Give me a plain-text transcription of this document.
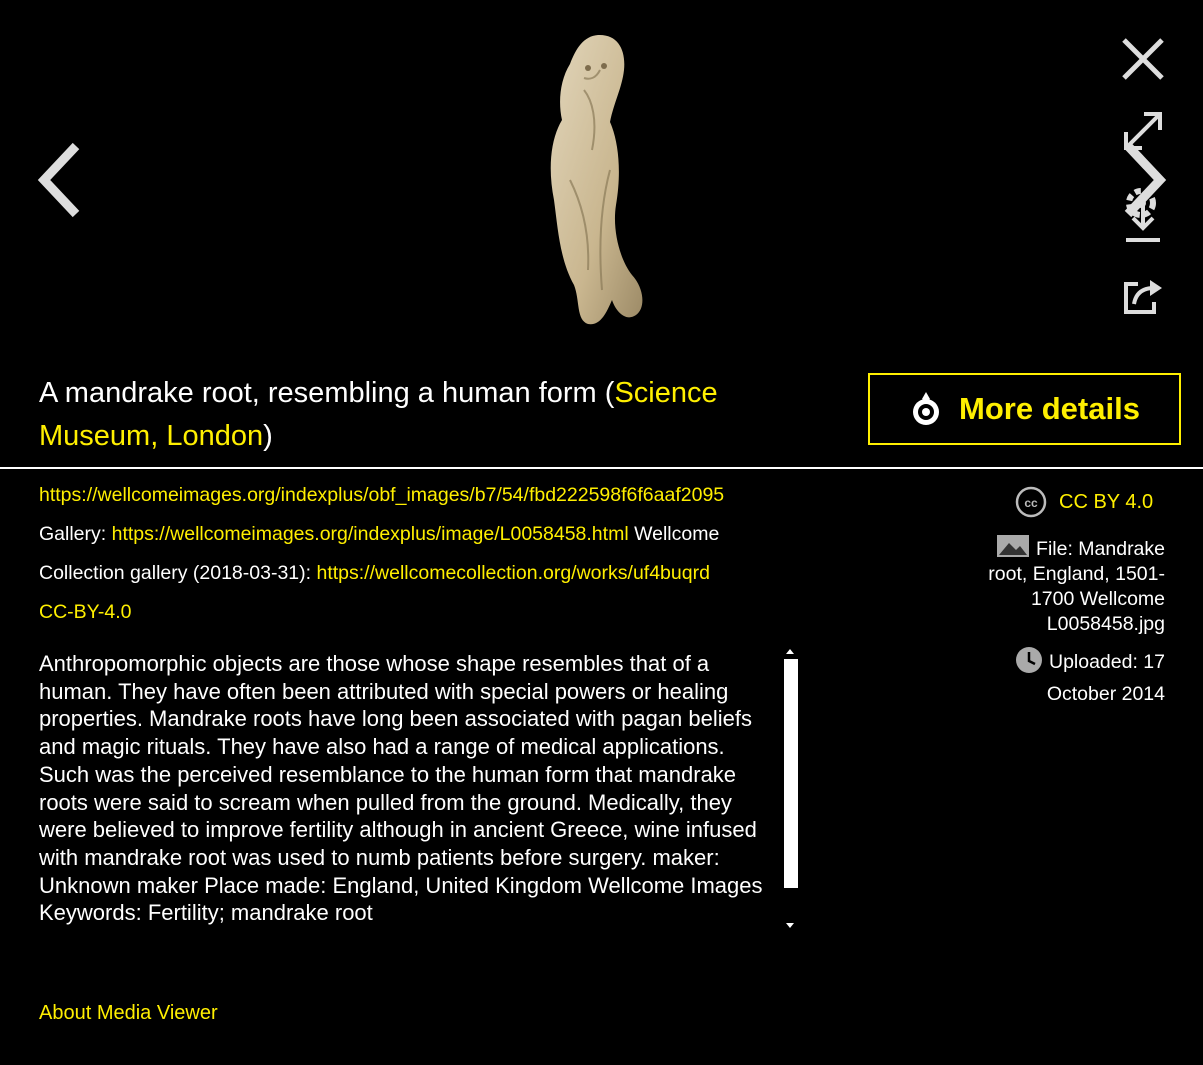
A mandrake root, resembling a human form (Science Museum, London)
More details
https://wellcomeimages.org/indexplus/obf_images/b7/54/fbd222598f6f6aaf2095
Gallery: https://wellcomeimages.org/indexplus/image/L0058458.html Wellcome
Collection gallery (2018-03-31): https://wellcomecollection.org/works/uf4buqrd
CC-BY-4.0
Anthropomorphic objects are those whose shape resembles that of a human. They have often been attributed with special powers or healing properties. Mandrake roots have long been associated with pagan beliefs and magic rituals. They have also had a range of medical applications. Such was the perceived resemblance to the human form that mandrake roots were said to scream when pulled from the ground. Medically, they were believed to improve fertility although in ancient Greece, wine infused with mandrake root was used to numb patients before surgery. maker: Unknown maker Place made: England, United Kingdom Wellcome Images Keywords: Fertility; mandrake root
About Media Viewer
cc CC BY 4.0
File: Mandrake root, England, 1501-1700 Wellcome L0058458.jpg
Uploaded: 17 October 2014
